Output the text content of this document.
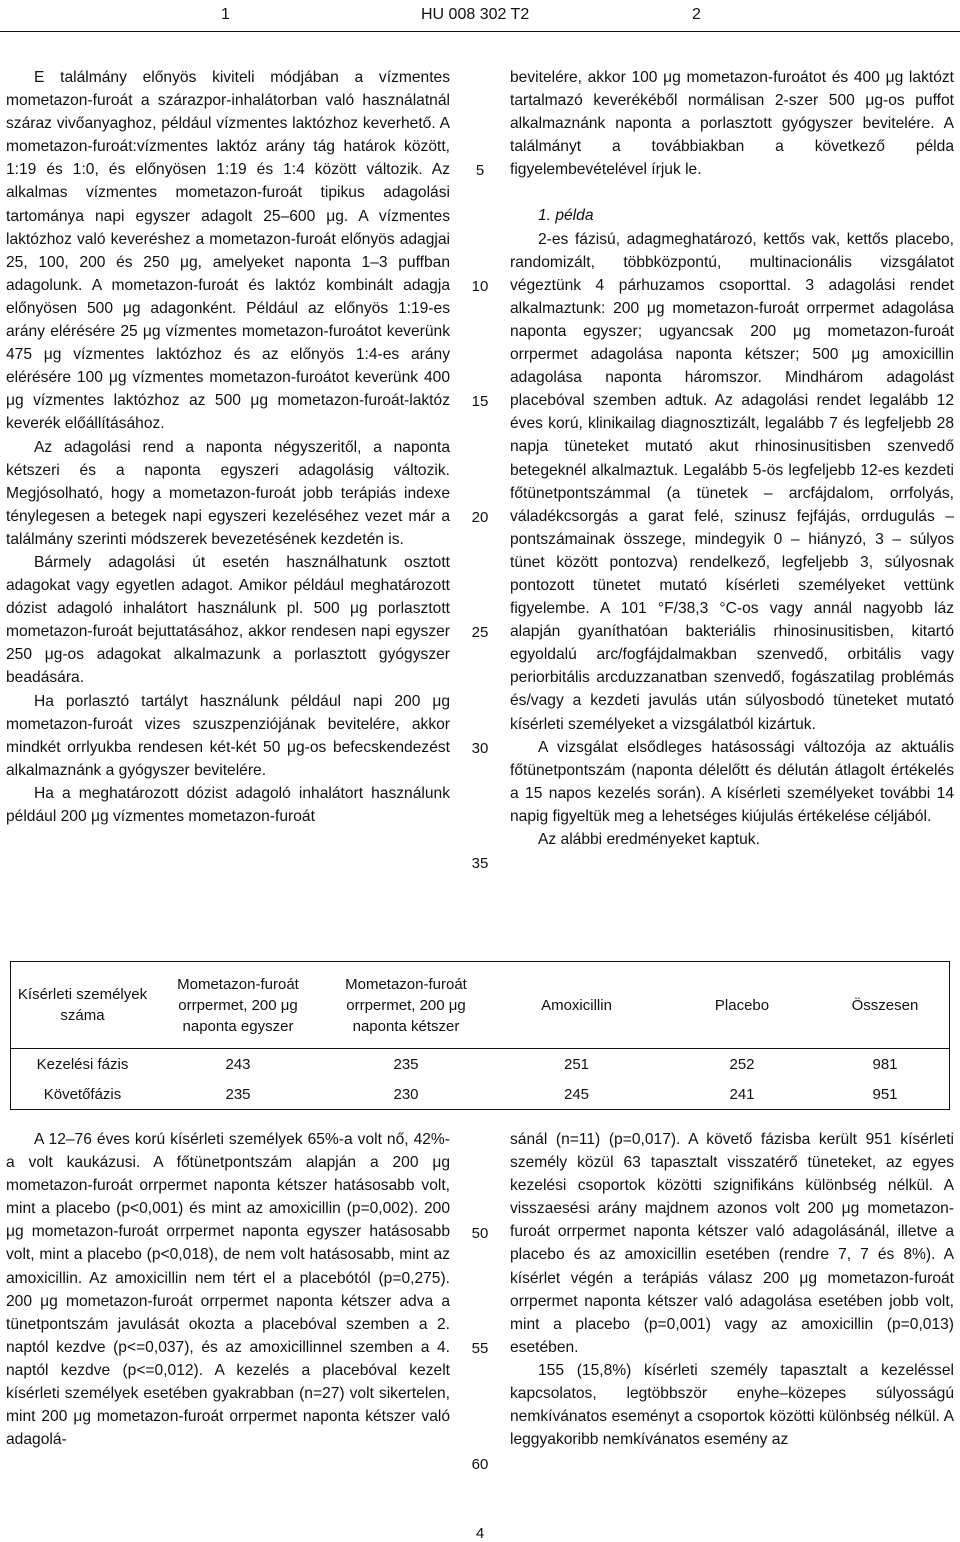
1	HU 008 302 T2	2

E találmány előnyös kiviteli módjában a vízmentes mometazon-furoát a szárazpor-inhalátorban való használatnál száraz vivőanyaghoz, például vízmentes laktózhoz keverhető. A mometazon-furoát:vízmentes laktóz arány tág határok között, 1:19 és 1:0, és előnyösen 1:19 és 1:4 között változik. Az alkalmas vízmentes mometazon-furoát tipikus adagolási tartománya napi egyszer adagolt 25–600 μg. A vízmentes laktózhoz való keveréshez a mometazon-furoát előnyös adagjai 25, 100, 200 és 250 μg, amelyeket naponta 1–3 puffban adagolunk. A mometazon-furoát és laktóz kombinált adagja előnyösen 500 μg adagonként. Például az előnyös 1:19-es arány elérésére 25 μg vízmentes mometazon-furoátot keverünk 475 μg vízmentes laktózhoz és az előnyös 1:4-es arány elérésére 100 μg vízmentes mometazon-furoátot keverünk 400 μg vízmentes laktózhoz az 500 μg mometazon-furoát-laktóz keverék előállításához.

Az adagolási rend a naponta négyszeritől, a naponta kétszeri és a naponta egyszeri adagolásig változik. Megjósolható, hogy a mometazon-furoát jobb terápiás indexe ténylegesen a betegek napi egyszeri kezeléséhez vezet már a találmány szerinti módszerek bevezetésének kezdetén is.

Bármely adagolási út esetén használhatunk osztott adagokat vagy egyetlen adagot. Amikor például meghatározott dózist adagoló inhalátort használunk pl. 500 μg porlasztott mometazon-furoát bejuttatásához, akkor rendesen napi egyszer 250 μg-os adagokat alkalmazunk a porlasztott gyógyszer beadására.

Ha porlasztó tartályt használunk például napi 200 μg mometazon-furoát vizes szuszpenziójának bevitelére, akkor mindkét orrlyukba rendesen két-két 50 μg-os befecskendezést alkalmaznánk a gyógyszer bevitelére.

Ha a meghatározott dózist adagoló inhalátort használunk például 200 μg vízmentes mometazon-furoát

5
10
15
20
25
30
35

bevitelére, akkor 100 μg mometazon-furoátot és 400 μg laktózt tartalmazó keverékéből normálisan 2-szer 500 μg-os puffot alkalmaznánk naponta a porlasztott gyógyszer bevitelére. A találmányt a továbbiakban a következő példa figyelembevételével írjuk le.

1. példa

2-es fázisú, adagmeghatározó, kettős vak, kettős placebo, randomizált, többközpontú, multinacionális vizsgálatot végeztünk 4 párhuzamos csoporttal. 3 adagolási rendet alkalmaztunk: 200 μg mometazon-furoát orrpermet adagolása naponta egyszer; ugyancsak 200 μg mometazon-furoát orrpermet adagolása naponta kétszer; 500 μg amoxicillin adagolása naponta háromszor. Mindhárom adagolást placebóval szemben adtuk. Az adagolási rendet legalább 12 éves korú, klinikailag diagnosztizált, legalább 7 és legfeljebb 28 napja tüneteket mutató akut rhinosinusitisben szenvedő betegeknél alkalmaztuk. Legalább 5-ös legfeljebb 12-es kezdeti főtünetpontszámmal (a tünetek – arcfájdalom, orrfolyás, váladékcsorgás a garat felé, szinusz fejfájás, orrdugulás – pontszámainak összege, mindegyik 0 – hiányzó, 3 – súlyos tünet között pontozva) rendelkező, legfeljebb 3, súlyosnak pontozott tünetet mutató kísérleti személyeket vettünk figyelembe. A 101 °F/38,3 °C-os vagy annál nagyobb láz alapján gyaníthatóan bakteriális rhinosinusitisben, kitartó egyoldalú arc/fogfájdalmakban szenvedő, orbitális vagy periorbitális arcduzzanatban szenvedő, fogászatilag problémás és/vagy a kezdeti javulás után súlyosbodó tüneteket mutató kísérleti személyeket a vizsgálatból kizártuk.

A vizsgálat elsődleges hatásossági változója az aktuális főtünetpontszám (naponta délelőtt és délután átlagolt értékelés a 15 napos kezelés során). A kísérleti személyeket további 14 napig figyeltük meg a lehetséges kiújulás értékelése céljából.

Az alábbi eredményeket kaptuk.

Kísérleti személyek száma	Mometazon-furoát orrpermet, 200 μg naponta egyszer	Mometazon-furoát orrpermet, 200 μg naponta kétszer	Amoxicillin	Placebo	Összesen

Kezelési fázis	243	235	251	252	981
Követőfázis	235	230	245	241	951

A 12–76 éves korú kísérleti személyek 65%-a volt nő, 42%-a volt kaukázusi. A főtünetpontszám alapján a 200 μg mometazon-furoát orrpermet naponta kétszer hatásosabb volt, mint a placebo (p<0,001) és mint az amoxicillin (p=0,002). 200 μg mometazon-furoát orrpermet naponta egyszer hatásosabb volt, mint a placebo (p<0,018), de nem volt hatásosabb, mint az amoxicillin. Az amoxicillin nem tért el a placebótól (p=0,275). 200 μg mometazon-furoát orrpermet naponta kétszer adva a tünetpontszám javulását okozta a placebóval szemben a 2. naptól kezdve (p<=0,037), és az amoxicillinnel szemben a 4. naptól kezdve (p<=0,012). A kezelés a placebóval kezelt kísérleti személyek esetében gyakrabban (n=27) volt sikertelen, mint 200 μg mometazon-furoát orrpermet naponta kétszer való adagolá-

50
55
60

sánál (n=11) (p=0,017). A követő fázisba került 951 kísérleti személy közül 63 tapasztalt visszatérő tüneteket, az egyes kezelési csoportok közötti szignifikáns különbség nélkül. A visszaesési arány majdnem azonos volt 200 μg mometazon-furoát orrpermet naponta kétszer való adagolásánál, illetve a placebo és az amoxicillin esetében (rendre 7, 7 és 8%). A kísérlet végén a terápiás válasz 200 μg mometazon-furoát orrpermet naponta kétszer való adagolása esetében jobb volt, mint a placebo (p=0,001) vagy az amoxicillin (p=0,013) esetében.

155 (15,8%) kísérleti személy tapasztalt a kezeléssel kapcsolatos, legtöbbször enyhe–közepes súlyosságú nemkívánatos eseményt a csoportok közötti különbség nélkül. A leggyakoribb nemkívánatos esemény az

4
